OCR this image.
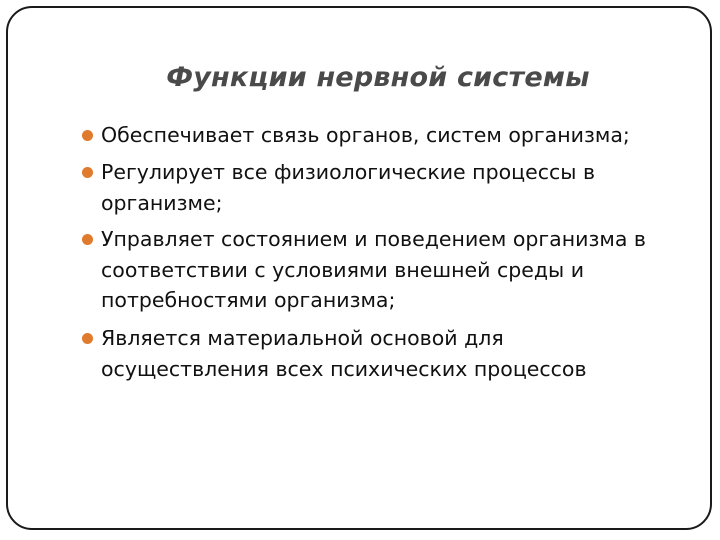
Функции нервной системы
Обеспечивает связь органов, систем организма;
Регулирует все физиологические процессы в
организме;
Управляет состоянием и поведением организма в
соответствии с условиями внешней среды и
потребностями организма;
Является материальной основой для
осуществления всех психических процессов
